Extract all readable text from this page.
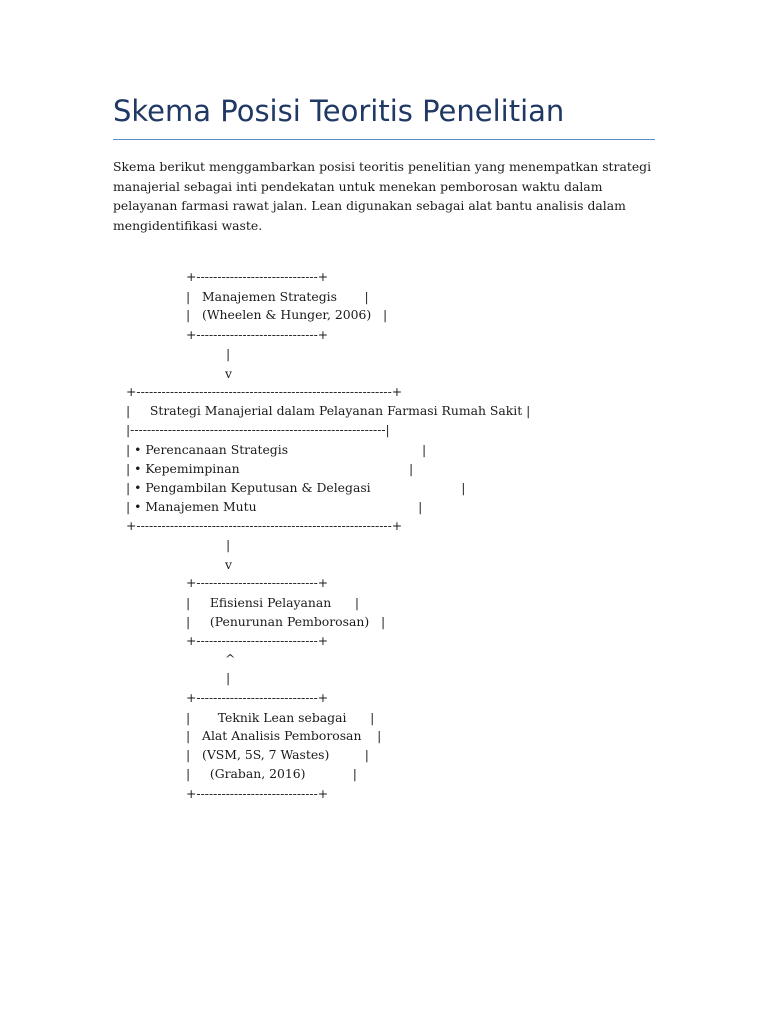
Skema Posisi Teoritis Penelitian

Skema berikut menggambarkan posisi teoritis penelitian yang menempatkan strategi manajerial sebagai inti pendekatan untuk menekan pemborosan waktu dalam pelayanan farmasi rawat jalan. Lean digunakan sebagai alat bantu analisis dalam mengidentifikasi waste.

+-----------------------------+
|   Manajemen Strategis       |
|   (Wheelen & Hunger, 2006)   |
+-----------------------------+
|
v
+-------------------------------------------------------------+
|     Strategi Manajerial dalam Pelayanan Farmasi Rumah Sakit |
|-------------------------------------------------------------|
| • Perencanaan Strategis                                  |
| • Kepemimpinan                                           |
| • Pengambilan Keputusan & Delegasi                       |
| • Manajemen Mutu                                         |
+-------------------------------------------------------------+
|
v
+-----------------------------+
|     Efisiensi Pelayanan      |
|     (Penurunan Pemborosan)   |
+-----------------------------+
^
|
+-----------------------------+
|       Teknik Lean sebagai      |
|   Alat Analisis Pemborosan    |
|   (VSM, 5S, 7 Wastes)         |
|     (Graban, 2016)            |
+-----------------------------+
